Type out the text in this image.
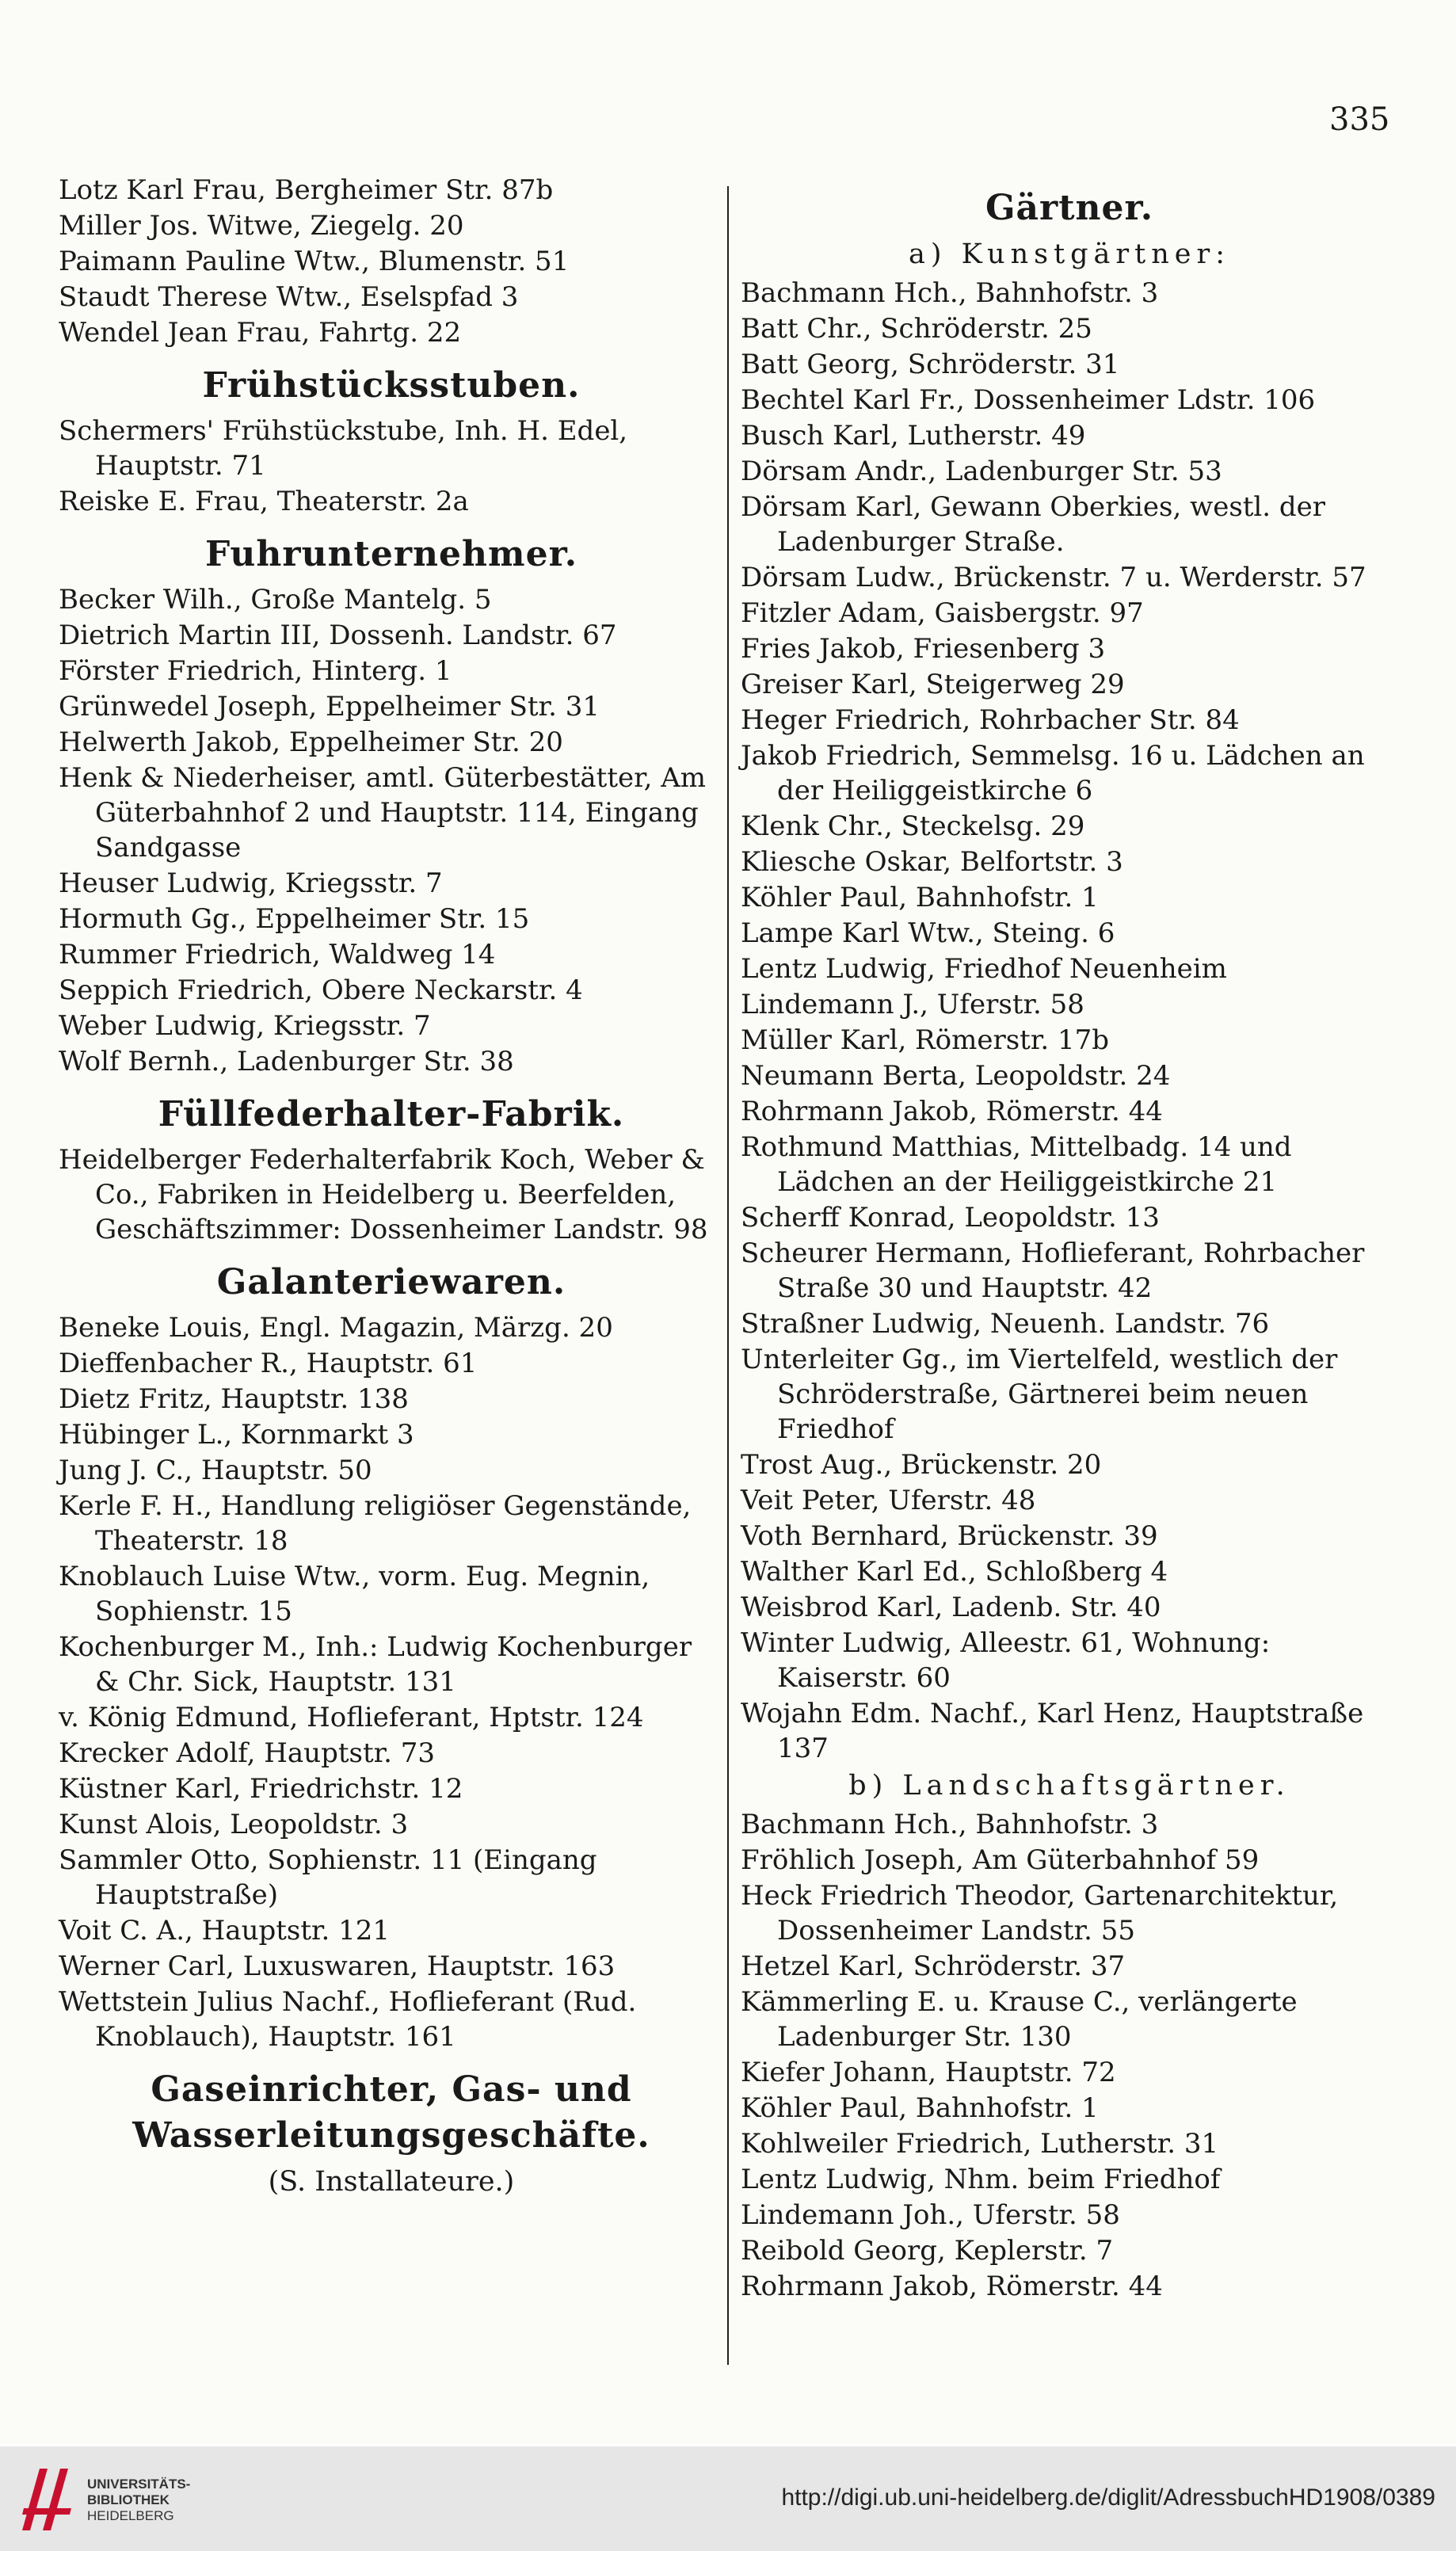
335
Lotz Karl Frau, Bergheimer Str. 87b
Miller Jos. Witwe, Ziegelg. 20
Paimann Pauline Wtw., Blumenstr. 51
Staudt Therese Wtw., Eselspfad 3
Wendel Jean Frau, Fahrtg. 22
Frühstücksstuben.
Schermers' Frühstückstube, Inh. H. Edel, Hauptstr. 71
Reiske E. Frau, Theaterstr. 2a
Fuhrunternehmer.
Becker Wilh., Große Mantelg. 5
Dietrich Martin III, Dossenh. Landstr. 67
Förster Friedrich, Hinterg. 1
Grünwedel Joseph, Eppelheimer Str. 31
Helwerth Jakob, Eppelheimer Str. 20
Henk & Niederheiser, amtl. Güterbestätter, Am Güterbahnhof 2 und Hauptstr. 114, Eingang Sandgasse
Heuser Ludwig, Kriegsstr. 7
Hormuth Gg., Eppelheimer Str. 15
Rummer Friedrich, Waldweg 14
Seppich Friedrich, Obere Neckarstr. 4
Weber Ludwig, Kriegsstr. 7
Wolf Bernh., Ladenburger Str. 38
Füllfederhalter-Fabrik.
Heidelberger Federhalterfabrik Koch, Weber & Co., Fabriken in Heidelberg u. Beerfelden, Geschäftszimmer: Dossenheimer Landstr. 98
Galanteriewaren.
Beneke Louis, Engl. Magazin, Märzg. 20
Dieffenbacher R., Hauptstr. 61
Dietz Fritz, Hauptstr. 138
Hübinger L., Kornmarkt 3
Jung J. C., Hauptstr. 50
Kerle F. H., Handlung religiöser Gegenstände, Theaterstr. 18
Knoblauch Luise Wtw., vorm. Eug. Megnin, Sophienstr. 15
Kochenburger M., Inh.: Ludwig Kochenburger & Chr. Sick, Hauptstr. 131
v. König Edmund, Hoflieferant, Hptstr. 124
Krecker Adolf, Hauptstr. 73
Küstner Karl, Friedrichstr. 12
Kunst Alois, Leopoldstr. 3
Sammler Otto, Sophienstr. 11 (Eingang Hauptstraße)
Voit C. A., Hauptstr. 121
Werner Carl, Luxuswaren, Hauptstr. 163
Wettstein Julius Nachf., Hoflieferant (Rud. Knoblauch), Hauptstr. 161
Gaseinrichter, Gas- und Wasserleitungsgeschäfte.
(S. Installateure.)
Gärtner.
a) Kunstgärtner:
Bachmann Hch., Bahnhofstr. 3
Batt Chr., Schröderstr. 25
Batt Georg, Schröderstr. 31
Bechtel Karl Fr., Dossenheimer Ldstr. 106
Busch Karl, Lutherstr. 49
Dörsam Andr., Ladenburger Str. 53
Dörsam Karl, Gewann Oberkies, westl. der Ladenburger Straße.
Dörsam Ludw., Brückenstr. 7 u. Werderstr. 57
Fitzler Adam, Gaisbergstr. 97
Fries Jakob, Friesenberg 3
Greiser Karl, Steigerweg 29
Heger Friedrich, Rohrbacher Str. 84
Jakob Friedrich, Semmelsg. 16 u. Lädchen an der Heiliggeistkirche 6
Klenk Chr., Steckelsg. 29
Kliesche Oskar, Belfortstr. 3
Köhler Paul, Bahnhofstr. 1
Lampe Karl Wtw., Steing. 6
Lentz Ludwig, Friedhof Neuenheim
Lindemann J., Uferstr. 58
Müller Karl, Römerstr. 17b
Neumann Berta, Leopoldstr. 24
Rohrmann Jakob, Römerstr. 44
Rothmund Matthias, Mittelbadg. 14 und Lädchen an der Heiliggeistkirche 21
Scherff Konrad, Leopoldstr. 13
Scheurer Hermann, Hoflieferant, Rohrbacher Straße 30 und Hauptstr. 42
Straßner Ludwig, Neuenh. Landstr. 76
Unterleiter Gg., im Viertelfeld, westlich der Schröderstraße, Gärtnerei beim neuen Friedhof
Trost Aug., Brückenstr. 20
Veit Peter, Uferstr. 48
Voth Bernhard, Brückenstr. 39
Walther Karl Ed., Schloßberg 4
Weisbrod Karl, Ladenb. Str. 40
Winter Ludwig, Alleestr. 61, Wohnung: Kaiserstr. 60
Wojahn Edm. Nachf., Karl Henz, Hauptstraße 137
b) Landschaftsgärtner.
Bachmann Hch., Bahnhofstr. 3
Fröhlich Joseph, Am Güterbahnhof 59
Heck Friedrich Theodor, Gartenarchitektur, Dossenheimer Landstr. 55
Hetzel Karl, Schröderstr. 37
Kämmerling E. u. Krause C., verlängerte Ladenburger Str. 130
Kiefer Johann, Hauptstr. 72
Köhler Paul, Bahnhofstr. 1
Kohlweiler Friedrich, Lutherstr. 31
Lentz Ludwig, Nhm. beim Friedhof
Lindemann Joh., Uferstr. 58
Reibold Georg, Keplerstr. 7
Rohrmann Jakob, Römerstr. 44
UNIVERSITÄTS-
BIBLIOTHEK
HEIDELBERG
http://digi.ub.uni-heidelberg.de/diglit/AdressbuchHD1908/0389
